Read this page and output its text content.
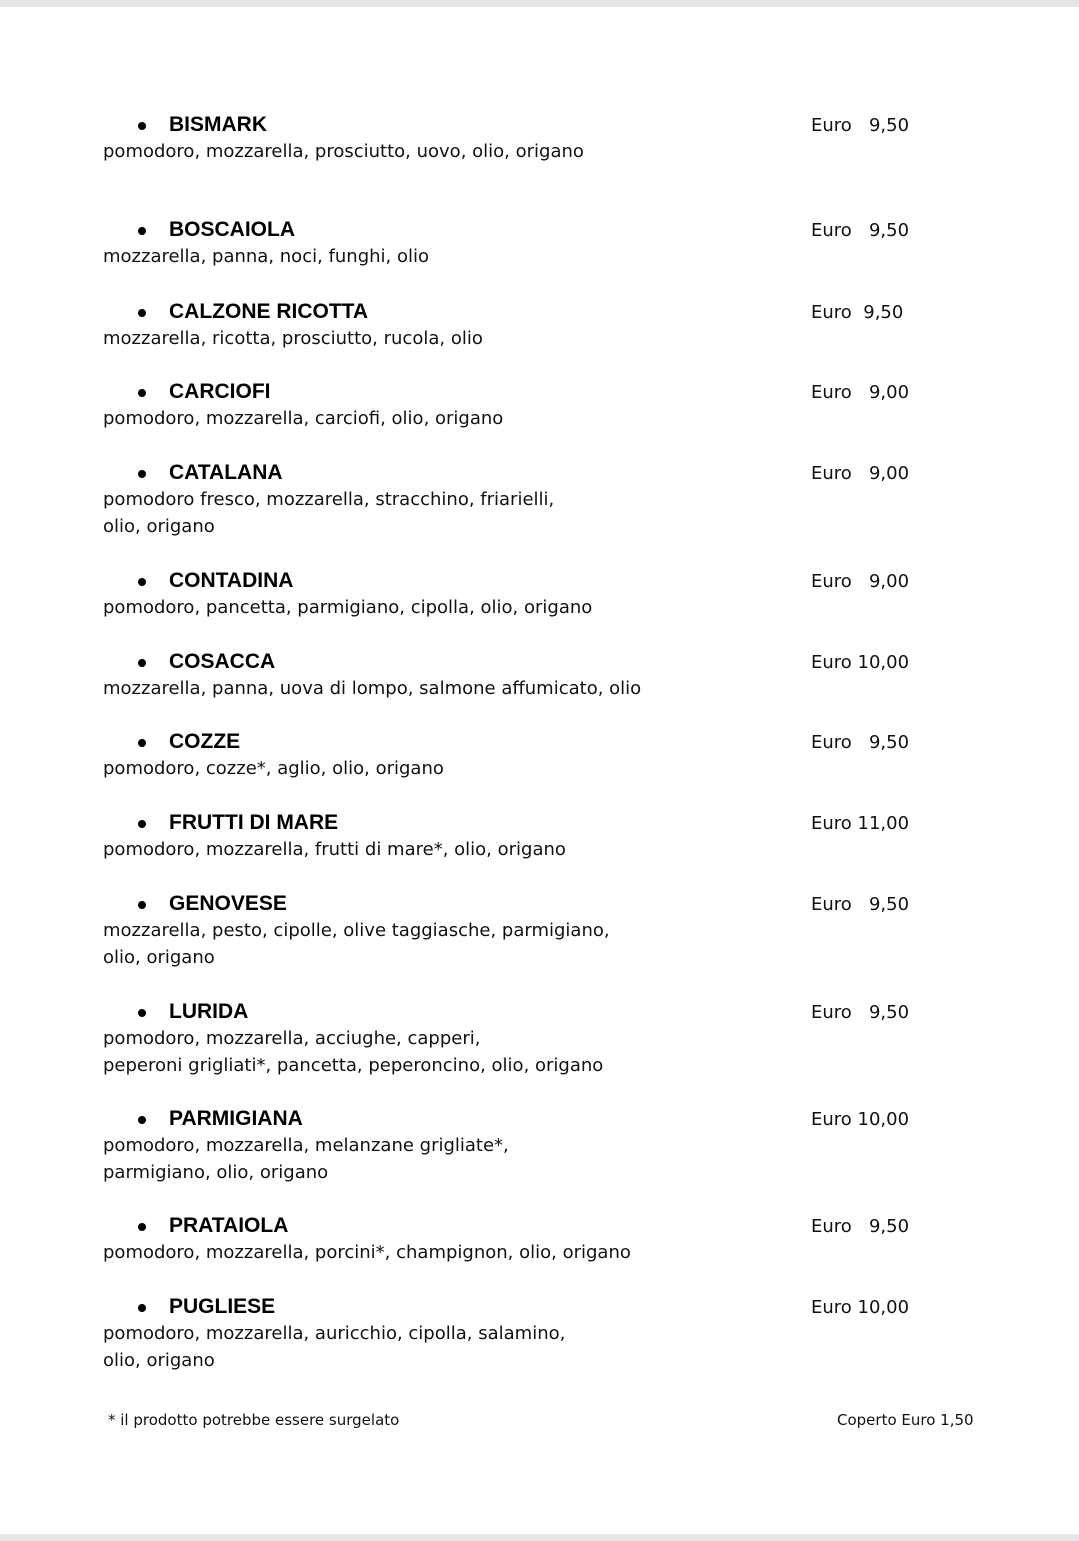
BISMARK	Euro   9,50
pomodoro, mozzarella, prosciutto, uovo, olio, origano
BOSCAIOLA	Euro   9,50
mozzarella, panna, noci, funghi, olio
CALZONE RICOTTA	Euro  9,50
mozzarella, ricotta, prosciutto, rucola, olio
CARCIOFI	Euro   9,00
pomodoro, mozzarella, carciofi, olio, origano
CATALANA	Euro   9,00
pomodoro fresco, mozzarella, stracchino, friarielli,
olio, origano
CONTADINA	Euro   9,00
pomodoro, pancetta, parmigiano, cipolla, olio, origano
COSACCA	Euro 10,00
mozzarella, panna, uova di lompo, salmone affumicato, olio
COZZE	Euro   9,50
pomodoro, cozze*, aglio, olio, origano
FRUTTI DI MARE	Euro 11,00
pomodoro, mozzarella, frutti di mare*, olio, origano
GENOVESE	Euro   9,50
mozzarella, pesto, cipolle, olive taggiasche, parmigiano,
olio, origano
LURIDA	Euro   9,50
pomodoro, mozzarella, acciughe, capperi,
peperoni grigliati*, pancetta, peperoncino, olio, origano
PARMIGIANA	Euro 10,00
pomodoro, mozzarella, melanzane grigliate*,
parmigiano, olio, origano
PRATAIOLA	Euro   9,50
pomodoro, mozzarella, porcini*, champignon, olio, origano
PUGLIESE	Euro 10,00
pomodoro, mozzarella, auricchio, cipolla, salamino,
olio, origano
* il prodotto potrebbe essere surgelato	Coperto Euro 1,50
